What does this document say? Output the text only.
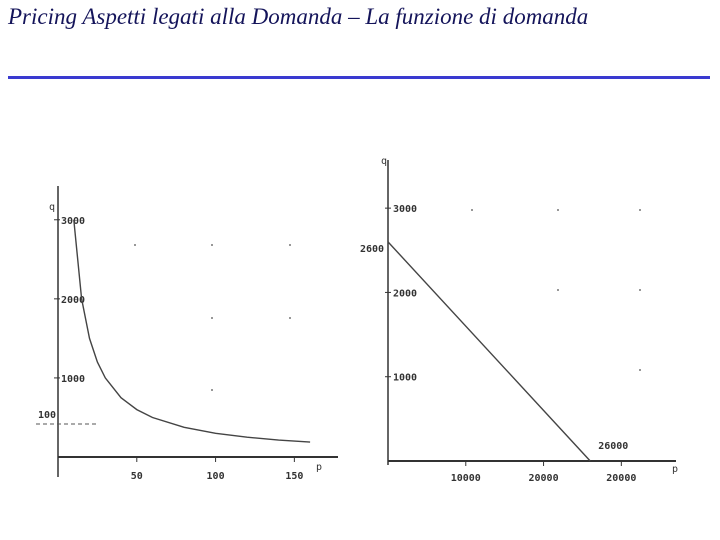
Pricing Aspetti legati alla Domanda – La funzione di domanda
q
p
50	100	150
1000
2000
3000
100
q
p
10000	20000	20000
1000
2000
3000
2600
26000
